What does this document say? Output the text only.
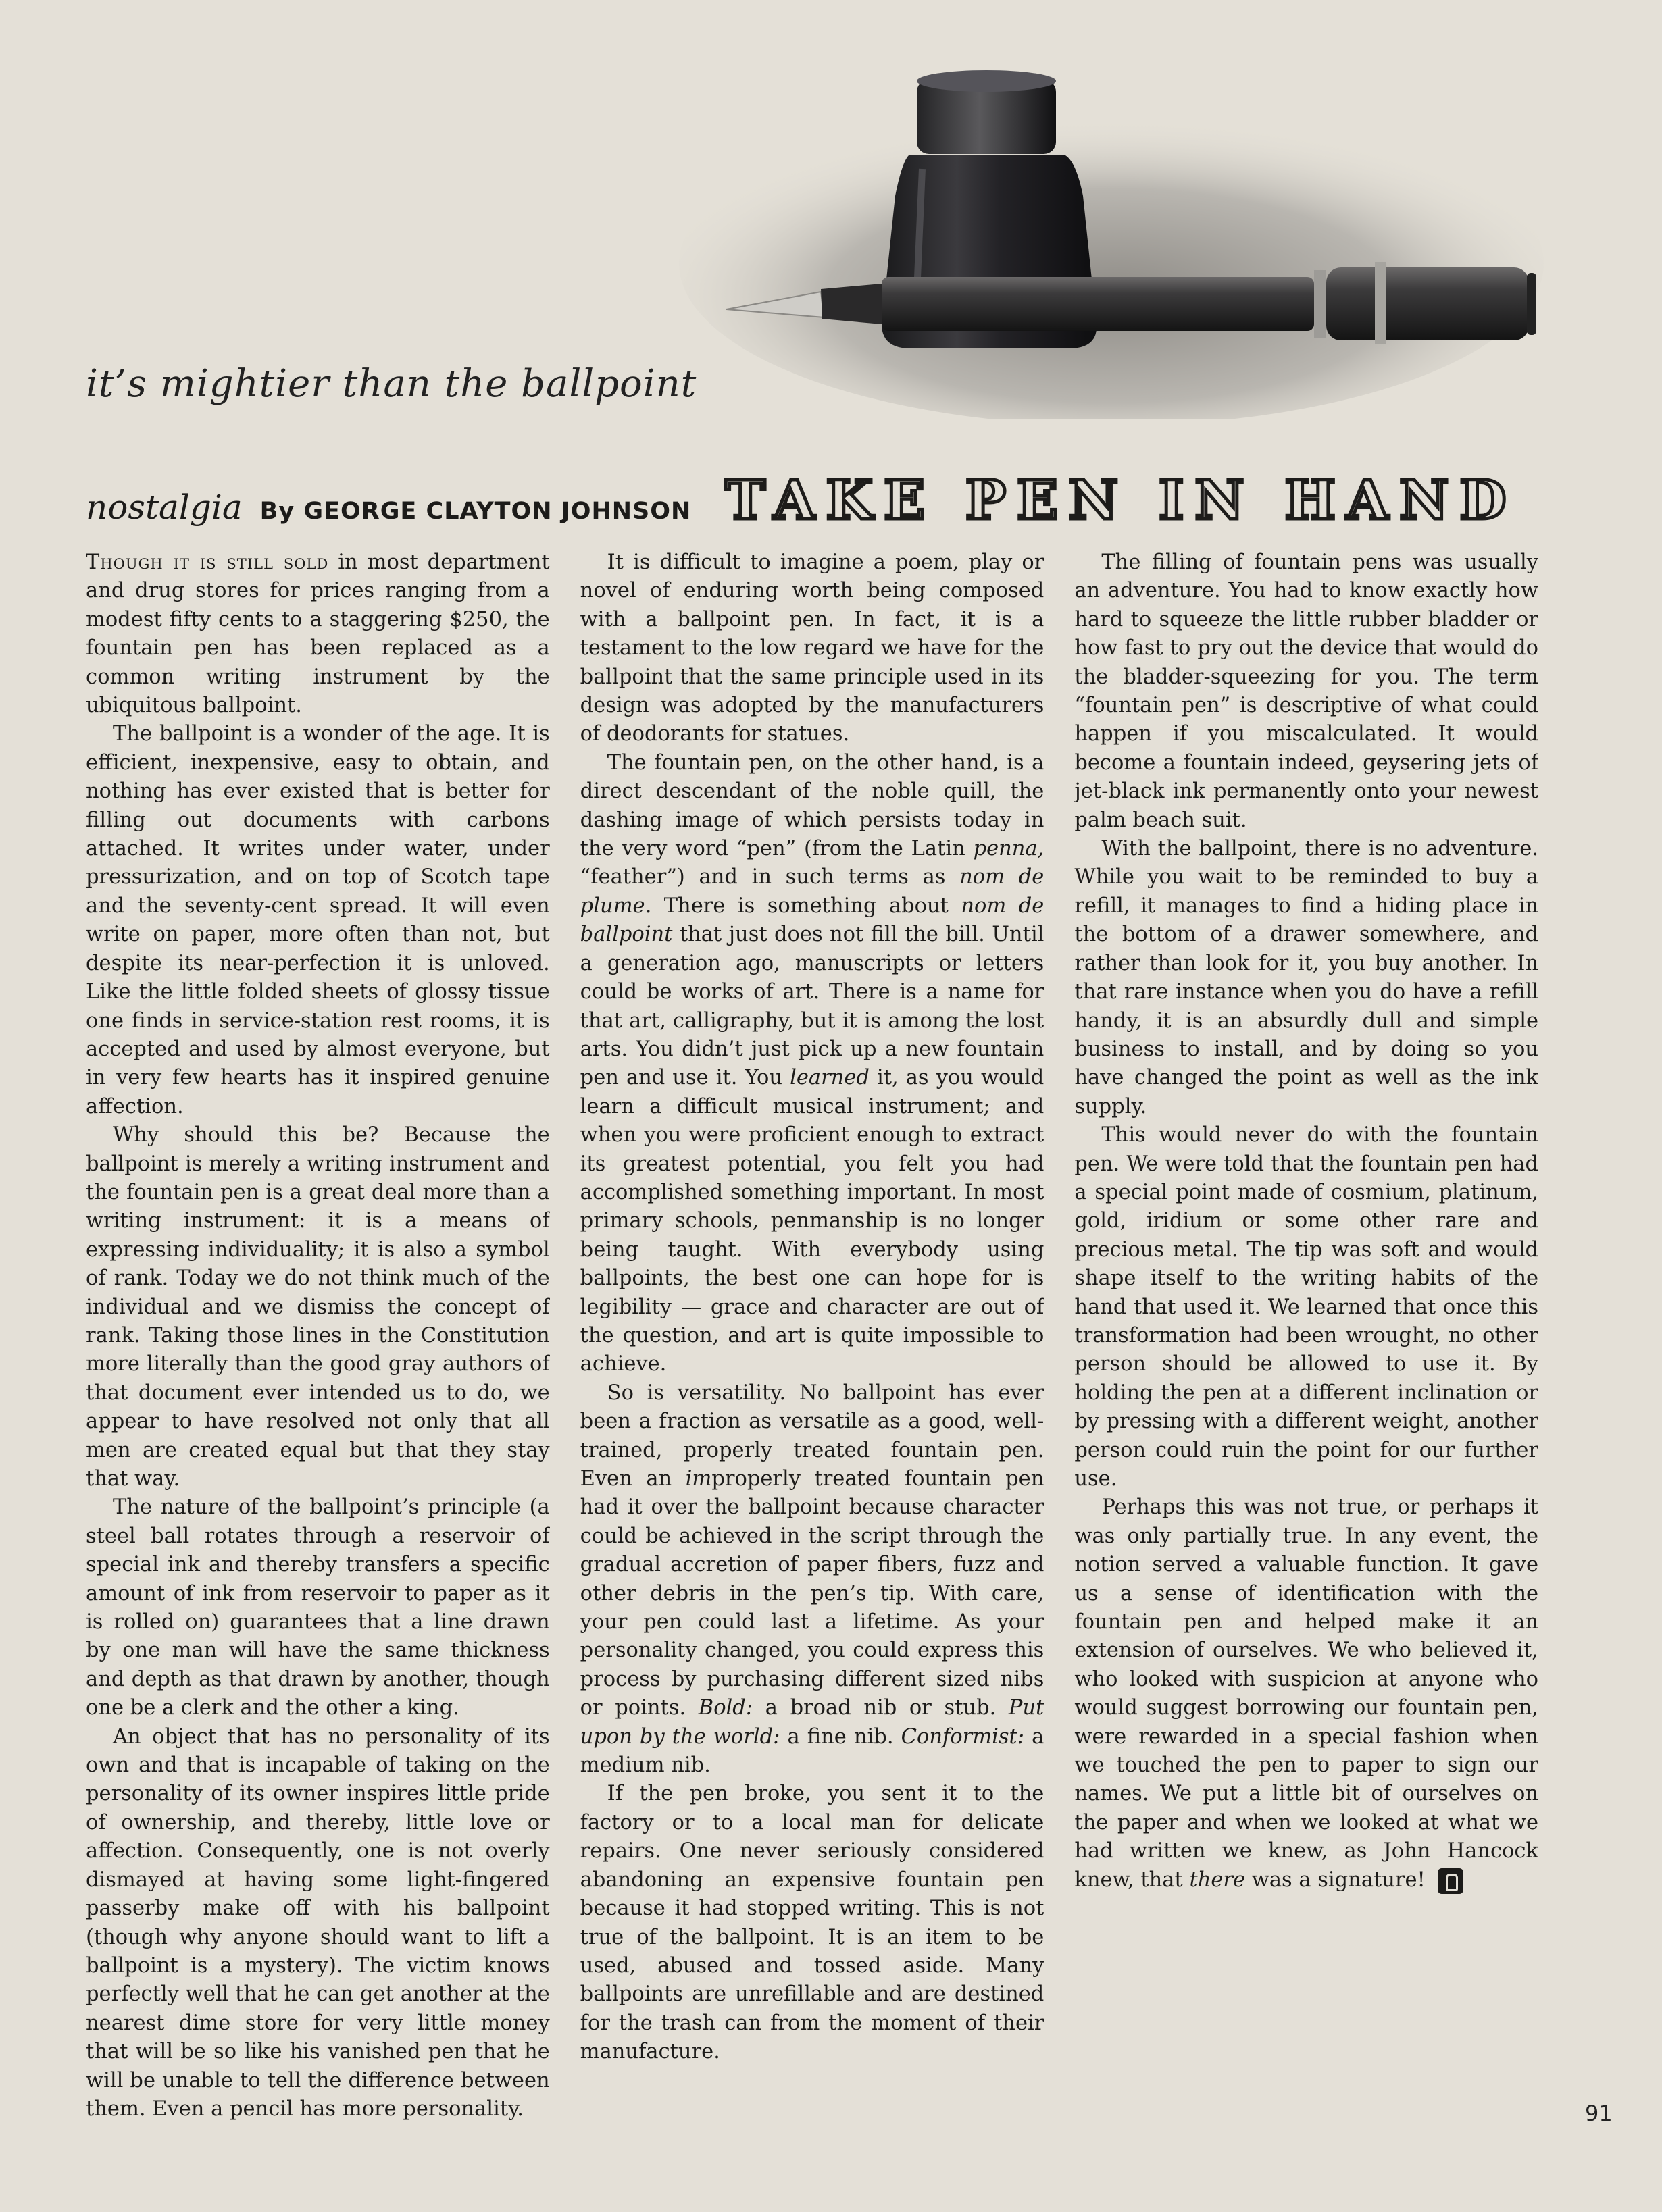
it’s mightier than the ballpoint
nostalgia By GEORGE CLAYTON JOHNSON TAKE PEN IN HAND

Though it is still sold in most department and drug stores for prices ranging from a modest fifty cents to a staggering $250, the fountain pen has been replaced as a common writing instrument by the ubiquitous ballpoint.

The ballpoint is a wonder of the age. It is efficient, inexpensive, easy to obtain, and nothing has ever existed that is better for filling out documents with carbons attached. It writes under water, under pressurization, and on top of Scotch tape and the seventy-cent spread. It will even write on paper, more often than not, but despite its near-perfection it is unloved. Like the little folded sheets of glossy tissue one finds in service-station rest rooms, it is accepted and used by almost everyone, but in very few hearts has it inspired genuine affection.

Why should this be? Because the ballpoint is merely a writing instrument and the fountain pen is a great deal more than a writing instrument: it is a means of expressing individuality; it is also a symbol of rank. Today we do not think much of the individual and we dismiss the concept of rank. Taking those lines in the Constitution more literally than the good gray authors of that document ever intended us to do, we appear to have resolved not only that all men are created equal but that they stay that way.

The nature of the ballpoint’s principle (a steel ball rotates through a reservoir of special ink and thereby transfers a specific amount of ink from reservoir to paper as it is rolled on) guarantees that a line drawn by one man will have the same thickness and depth as that drawn by another, though one be a clerk and the other a king.

An object that has no personality of its own and that is incapable of taking on the personality of its owner inspires little pride of ownership, and thereby, little love or affection. Consequently, one is not overly dismayed at having some light-fingered passerby make off with his ballpoint (though why anyone should want to lift a ballpoint is a mystery). The victim knows perfectly well that he can get another at the nearest dime store for very little money that will be so like his vanished pen that he will be unable to tell the difference between them. Even a pencil has more personality.

It is difficult to imagine a poem, play or novel of enduring worth being composed with a ballpoint pen. In fact, it is a testament to the low regard we have for the ballpoint that the same principle used in its design was adopted by the manufacturers of deodorants for statues.

The fountain pen, on the other hand, is a direct descendant of the noble quill, the dashing image of which persists today in the very word “pen” (from the Latin penna, “feather”) and in such terms as nom de plume. There is something about nom de ballpoint that just does not fill the bill. Until a generation ago, manuscripts or letters could be works of art. There is a name for that art, calligraphy, but it is among the lost arts. You didn’t just pick up a new fountain pen and use it. You learned it, as you would learn a difficult musical instrument; and when you were proficient enough to extract its greatest potential, you felt you had accomplished something important. In most primary schools, penmanship is no longer being taught. With everybody using ballpoints, the best one can hope for is legibility — grace and character are out of the question, and art is quite impossible to achieve.

So is versatility. No ballpoint has ever been a fraction as versatile as a good, well-trained, properly treated fountain pen. Even an improperly treated fountain pen had it over the ballpoint because character could be achieved in the script through the gradual accretion of paper fibers, fuzz and other debris in the pen’s tip. With care, your pen could last a lifetime. As your personality changed, you could express this process by purchasing different sized nibs or points. Bold: a broad nib or stub. Put upon by the world: a fine nib. Conformist: a medium nib.

If the pen broke, you sent it to the factory or to a local man for delicate repairs. One never seriously considered abandoning an expensive fountain pen because it had stopped writing. This is not true of the ballpoint. It is an item to be used, abused and tossed aside. Many ballpoints are unrefillable and are destined for the trash can from the moment of their manufacture.

The filling of fountain pens was usually an adventure. You had to know exactly how hard to squeeze the little rubber bladder or how fast to pry out the device that would do the bladder-squeezing for you. The term “fountain pen” is descriptive of what could happen if you miscalculated. It would become a fountain indeed, geysering jets of jet-black ink permanently onto your newest palm beach suit.

With the ballpoint, there is no adventure. While you wait to be reminded to buy a refill, it manages to find a hiding place in the bottom of a drawer somewhere, and rather than look for it, you buy another. In that rare instance when you do have a refill handy, it is an absurdly dull and simple business to install, and by doing so you have changed the point as well as the ink supply.

This would never do with the fountain pen. We were told that the fountain pen had a special point made of cosmium, platinum, gold, iridium or some other rare and precious metal. The tip was soft and would shape itself to the writing habits of the hand that used it. We learned that once this transformation had been wrought, no other person should be allowed to use it. By holding the pen at a different inclination or by pressing with a different weight, another person could ruin the point for our further use.

Perhaps this was not true, or perhaps it was only partially true. In any event, the notion served a valuable function. It gave us a sense of identification with the fountain pen and helped make it an extension of ourselves. We who believed it, who looked with suspicion at anyone who would suggest borrowing our fountain pen, were rewarded in a special fashion when we touched the pen to paper to sign our names. We put a little bit of ourselves on the paper and when we looked at what we had written we knew, as John Hancock knew, that there was a signature!

91
